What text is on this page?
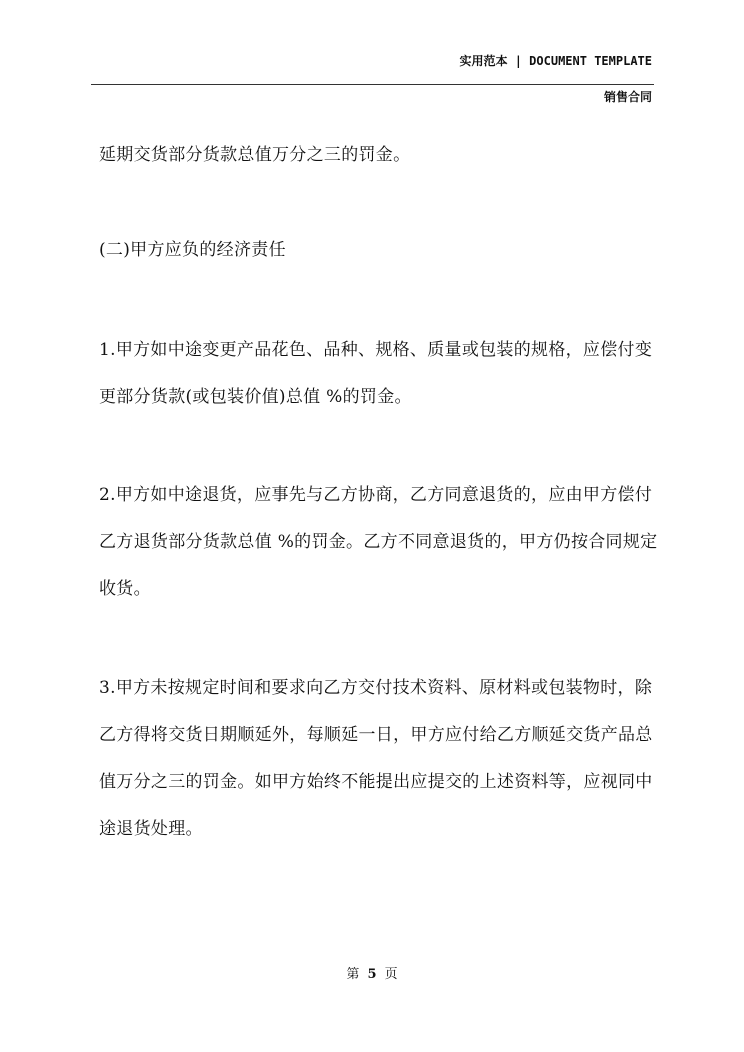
实用范本 | DOCUMENT TEMPLATE
销售合同

延期交货部分货款总值万分之三的罚金。

(二)甲方应负的经济责任

1.甲方如中途变更产品花色、品种、规格、质量或包装的规格，应偿付变更部分货款(或包装价值)总值 %的罚金。

2.甲方如中途退货，应事先与乙方协商，乙方同意退货的，应由甲方偿付乙方退货部分货款总值 %的罚金。乙方不同意退货的，甲方仍按合同规定收货。

3.甲方未按规定时间和要求向乙方交付技术资料、原材料或包装物时，除乙方得将交货日期顺延外，每顺延一日，甲方应付给乙方顺延交货产品总值万分之三的罚金。如甲方始终不能提出应提交的上述资料等，应视同中途退货处理。

第 5 页
